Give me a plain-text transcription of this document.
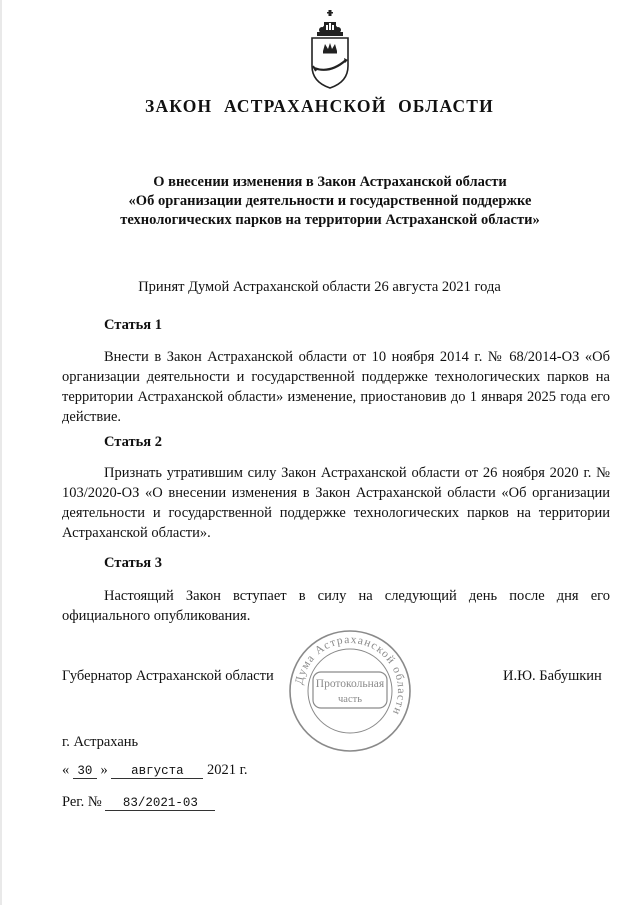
ЗАКОН АСТРАХАНСКОЙ ОБЛАСТИ
О внесении изменения в Закон Астраханской области
«Об организации деятельности и государственной поддержке
технологических парков на территории Астраханской области»

Принят Думой Астраханской области 26 августа 2021 года

Статья 1

Внести в Закон Астраханской области от 10 ноября 2014 г. № 68/2014-ОЗ «Об организации деятельности и государственной поддержке технологических парков на территории Астраханской области» изменение, приостановив до 1 января 2025 года его действие.

Статья 2

Признать утратившим силу Закон Астраханской области от 26 ноября 2020 г. № 103/2020-ОЗ «О внесении изменения в Закон Астраханской области «Об организации деятельности и государственной поддержке технологических парков на территории Астраханской области».

Статья 3

Настоящий Закон вступает в силу на следующий день после дня его официального опубликования.

Губернатор Астраханской области Дума Астраханской области
Протокольная
часть
И.Ю. Бабушкин
г. Астрахань
« 30 » августа 2021 г.
Рег. № 83/2021-03
